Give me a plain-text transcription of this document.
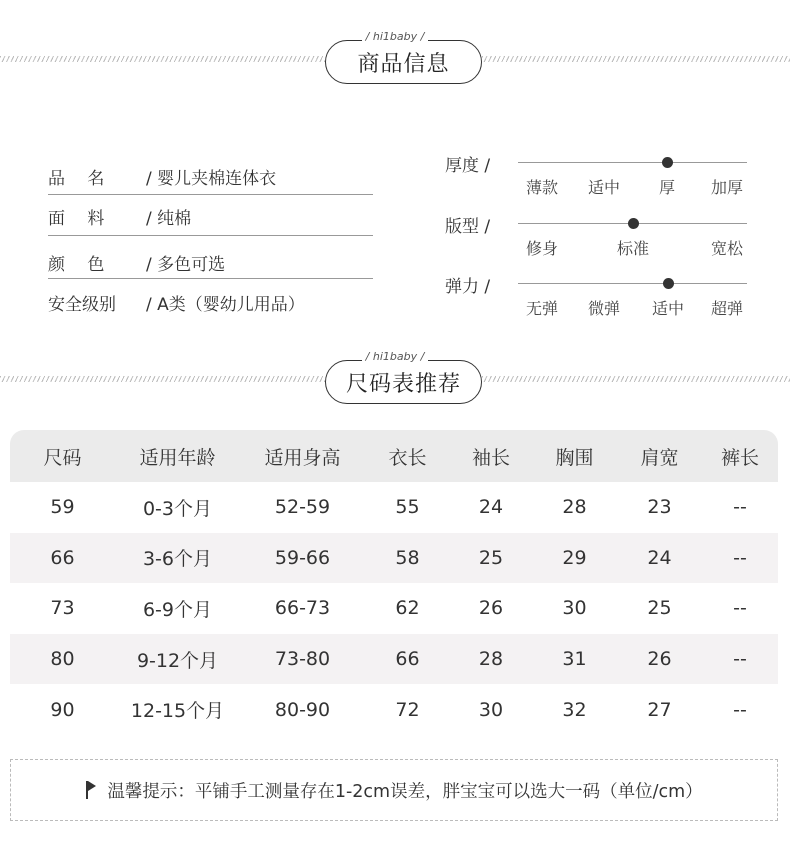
商品信息
/ hi1baby /
品　 名	/ 婴儿夹棉连体衣
面　 料	/ 纯棉
颜　 色	/ 多色可选
安全级别	/ A类（婴幼儿用品）
厚度 /
薄款 适中 厚 加厚
版型 /
修身	标准	宽松
弹力 /
无弹 微弹 适中 超弹
尺码表推荐
/ hi1baby /
尺码	适用年龄	适用身高	衣长	袖长	胸围	肩宽	裤长
59	0-3个月	52-59	55	24	28	23	--
66	3-6个月	59-66	58	25	29	24	--
73	6-9个月	66-73	62	26	30	25	--
80	9-12个月	73-80	66	28	31	26	--
90	12-15个月	80-90	72	30	32	27	--
温馨提示：平铺手工测量存在1-2cm误差，胖宝宝可以选大一码（单位/cm）
